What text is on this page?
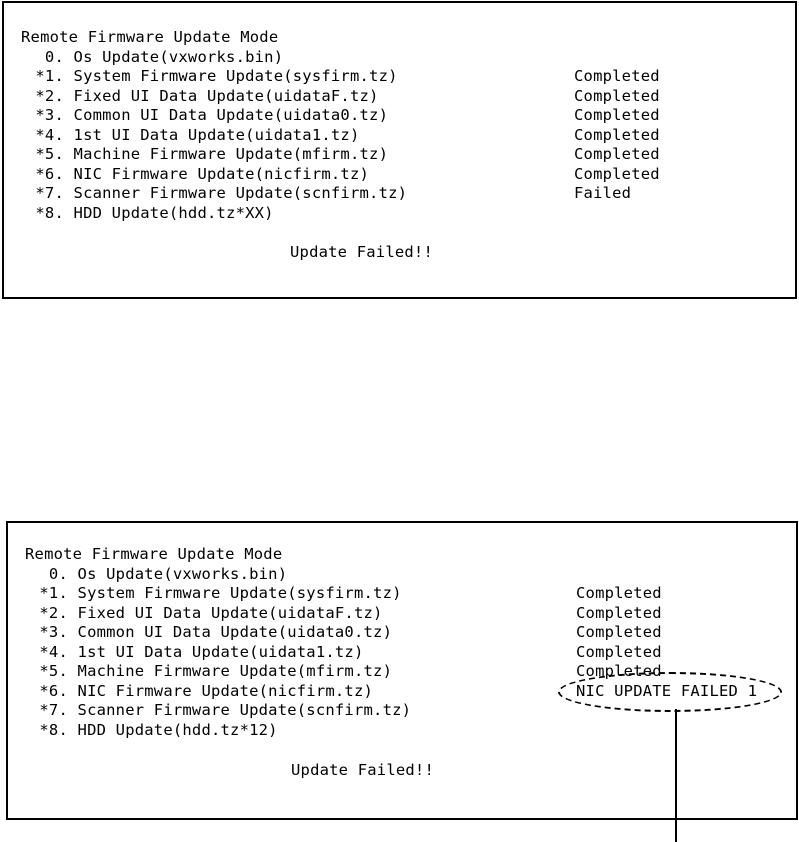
Remote Firmware Update Mode
0. Os Update(vxworks.bin)
*1. System Firmware Update(sysfirm.tz)
*2. Fixed UI Data Update(uidataF.tz)
*3. Common UI Data Update(uidata0.tz)
*4. 1st UI Data Update(uidata1.tz)
*5. Machine Firmware Update(mfirm.tz)
*6. NIC Firmware Update(nicfirm.tz)
*7. Scanner Firmware Update(scnfirm.tz)
*8. HDD Update(hdd.tz*XX)
Completed
Completed
Completed
Completed
Completed
Completed
Failed
Update Failed!!
Remote Firmware Update Mode
0. Os Update(vxworks.bin)
*1. System Firmware Update(sysfirm.tz)
*2. Fixed UI Data Update(uidataF.tz)
*3. Common UI Data Update(uidata0.tz)
*4. 1st UI Data Update(uidata1.tz)
*5. Machine Firmware Update(mfirm.tz)
*6. NIC Firmware Update(nicfirm.tz)
*7. Scanner Firmware Update(scnfirm.tz)
*8. HDD Update(hdd.tz*12)
Completed
Completed
Completed
Completed
Completed
NIC UPDATE FAILED 1
Update Failed!!
